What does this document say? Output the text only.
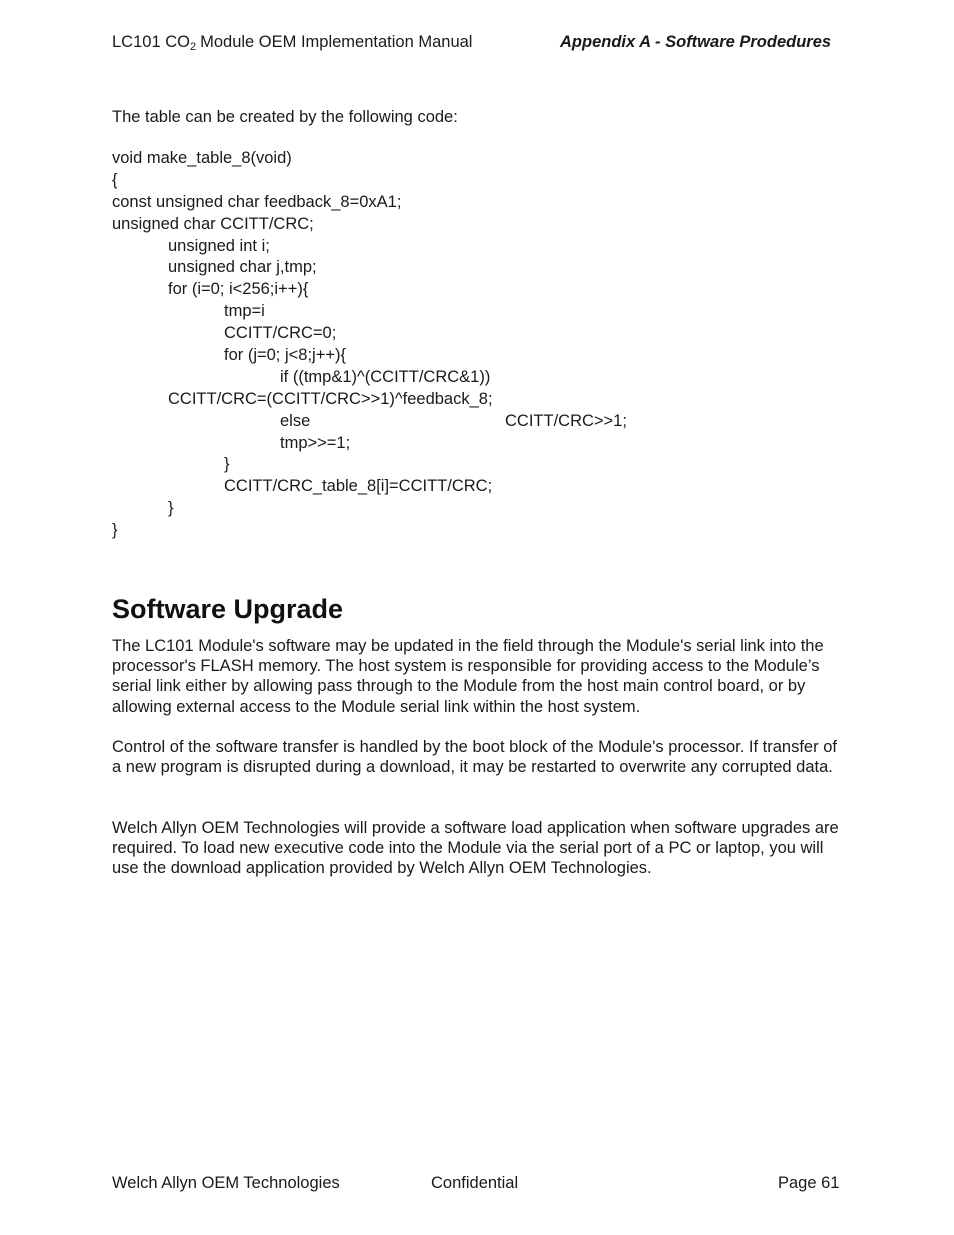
LC101 $CO_2$ Module OEM Implementation Manual	Appendix A - Software Prodedures

The table can be created by the following code:

void make_table_8(void)
{
const unsigned char feedback_8=0xA1;
unsigned char CCITT/CRC;
unsigned int i;
unsigned char j,tmp;
for (i=0; i<256;i++){
tmp=i
CCITT/CRC=0;
for (j=0; j<8;j++){
if ((tmp&1)^(CCITT/CRC&1))
CCITT/CRC=(CCITT/CRC>>1)^feedback_8;
else	CCITT/CRC>>1;
tmp>>=1;
}
CCITT/CRC_table_8[i]=CCITT/CRC;
}
}
Software Upgrade

The LC101 Module's software may be updated in the field through the Module's serial link into the processor's FLASH memory. The host system is responsible for providing access to the Module’s serial link either by allowing pass through to the Module from the host main control board, or by allowing external access to the Module serial link within the host system.

Control of the software transfer is handled by the boot block of the Module's processor. If transfer of a new program is disrupted during a download, it may be restarted to overwrite any corrupted data.

Welch Allyn OEM Technologies will provide a software load application when software upgrades are required. To load new executive code into the Module via the serial port of a PC or laptop, you will use the download application provided by Welch Allyn OEM Technologies.

Welch Allyn OEM Technologies	Confidential	Page 61
